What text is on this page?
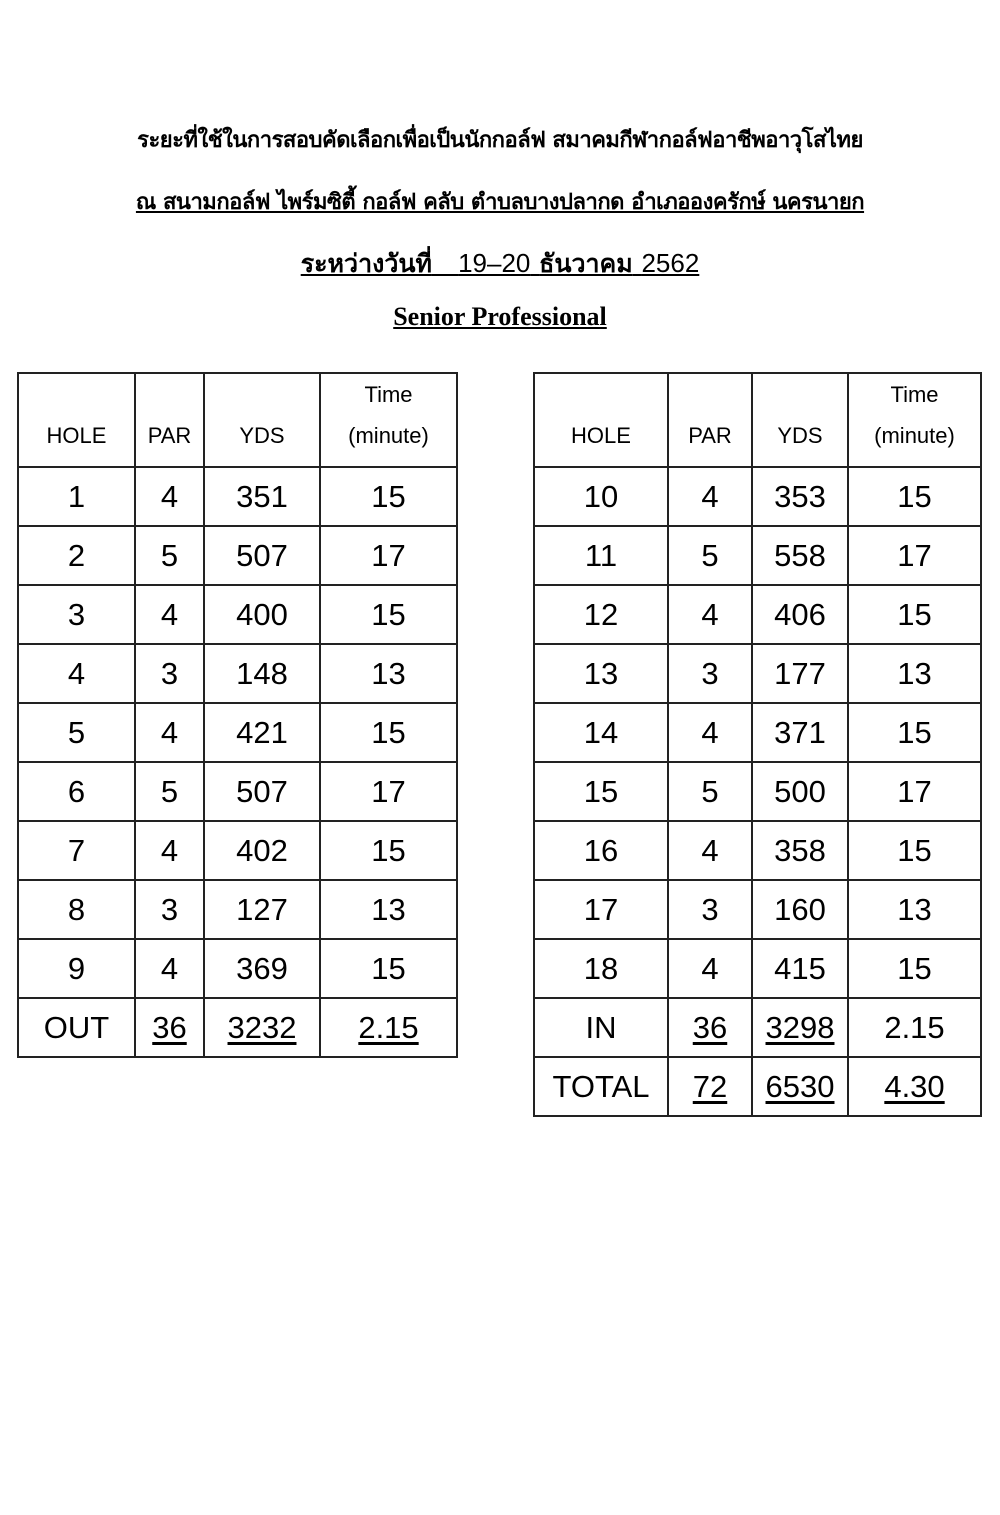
ระยะที่ใช้ในการสอบคัดเลือกเพื่อเป็นนักกอล์ฟ สมาคมกีฬากอล์ฟอาชีพอาวุโสไทย
ณ สนามกอล์ฟ ไพร์มซิตี้ กอล์ฟ คลับ ตำบลบางปลากด อำเภอองครักษ์ นครนายก
ระหว่างวันที่ 19–20 ธันวาคม 2562
Senior Professional
HOLE	PAR	YDS	Time
(minute)

1	4	351	15
2	5	507	17
3	4	400	15
4	3	148	13
5	4	421	15
6	5	507	17
7	4	402	15
8	3	127	13
9	4	369	15
OUT	36	3232	2.15
HOLE	PAR	YDS	Time
(minute)

10	4	353	15
11	5	558	17
12	4	406	15
13	3	177	13
14	4	371	15
15	5	500	17
16	4	358	15
17	3	160	13
18	4	415	15
IN	36	3298	2.15
TOTAL	72	6530	4.30
